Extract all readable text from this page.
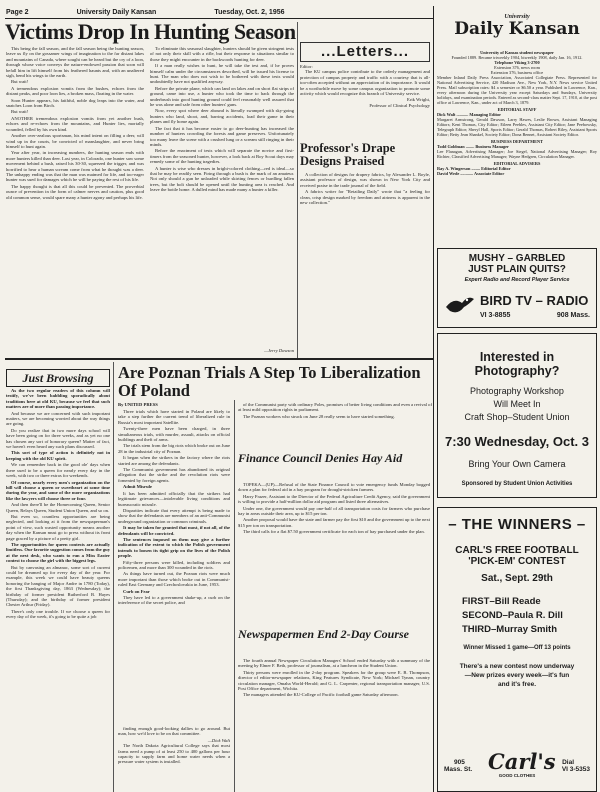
Page 2	University Daily Kansan	Tuesday, Oct. 2, 1956
Victims Drop In Hunting Season

This being the fall season, and the fall season being the hunting season, leave us fly on the gossamer wings of imagination to the far distant lakes and mountains of Canada, where sought can be heard but the cry of a loon, through whose voice conveys the nature-endowed passion that soon will befall him in lift himself from his feathered haunts and, with an unaltered sigh, bend his wings to the earth.

But wait!

A tremendous explosion vomits from the bushes, echoes from the distant peaks, and poor loon lies, a broken mass, floating in the water.

Soon Hunter appears, his faithful, noble dog leaps into the water, and snatches Loon from Birch.

But wait!

ANOTHER tremendous explosion vomits from yet another bush, echoes and re-echoes from the mountains, and Hunter lies, mortally wounded, felled by his own kind.

Another over-zealous sportsman, his mind intent on filling a deer, will wind up in the courts, be convicted of manslaughter, and never bring himself to hunt again.

Year after year, in increasing numbers, the hunting season ends with more hunters killed than deer. Last year, in Colorado, one hunter saw some movement behind a bush, raised his 30-30, squeezed the trigger, and was horrified to hear a human scream come from what he thought was a deer. The unhappy ending was that the man was maimed for life, and too-eager hunter was sued for damages which he will be paying the rest of his life.

The happy thought is that all this could be prevented. The proverbial ounce of prevention in the form of calmer nerves and caution, plus good old common sense, would spare many a hunter agony and perhaps his life.

To eliminate this seasonal slaughter, hunters should be given stringent tests of not only their skill with a rifle, but their response to situations similar to those they might encounter in the backwoods hunting for deer.

If a man really wishes to hunt, he will take the test and, if he proves himself calm under the circumstances described, will be issued his license to hunt. The man who does not wish to be bothered with these tests would undoubtedly have not qualified anyway.

Before the private plane, which can land on lakes and on short flat strips of ground, came into use, a hunter who took the time to hack through the underbrush into good hunting ground could feel reasonably well assured that he was alone and safe from other hunters' guns.

Now, every spot where deer abound is literally swamped with sky-going hunters who land, shoot, and, barring accidents, load their game in their planes and fly home again.

The fact that it has become easier to go deer-hunting has increased the number of hunters crowding the forests and game preserves. Unfortunately too many leave the scene with a crushed lung or a scream still ringing in their minds.

Before the enactment of tests which will separate the novice and first-timers from the seasoned hunter, however, a look back at Boy Scout days may remedy some of the hunting tragedies.

A hunter is wise who dresses in bright-colored clothing—red is ideal—so that he may be readily seen. Firing through a bush is the mark of an amateur. Not only should a gun be unloaded while skirting fences or hurdling fallen trees, but the bolt should be opened until the hunting area is reached. And leave the bottle home. A dulled mind has made many a hunter a killer.

—Jerry Dawson
...Letters...
Editor:

The KU campus police contribute to the orderly management and protection of campus property and traffic with a courtesy that is all-too-often accepted without an appreciation of its importance. It would be a worthwhile move by some campus organization to promote some activity which would recognize this branch of University service.

Erik Wright,
Professor of Clinical Psychology
Professor's Drape Designs Praised

A collection of designs for drapery fabrics, by Alexander L. Boyle, assistant professor of design, was shown in New York City and received praise in the trade journal of the field.

A fabrics writer for "Retailing Daily" wrote that "a feeling for clean, crisp design marked by freedom and airiness is apparent in the new collection."

University
Daily Kansan
University of Kansas student newspaper
Founded 1889. Became triweekly 1904, biweekly 1908, daily Jan. 16, 1912.
Telephone Viking 3-2700
Extension 376, news room
Extension 376, business office
Member Inland Daily Press Association, Associated Collegiate Press. Represented for National Advertising Service, 420 Madison Ave., New York, N.Y. News service United Press. Mail subscription rates: $4 a semester or $6.50 a year. Published in Lawrence, Kan., every afternoon during the University year except Saturdays and Sundays, University holidays, and examination periods. Entered as second-class matter Sept. 17, 1910, at the post office at Lawrence, Kan., under act of March 3, 1879.
EDITORIAL STAFF
Dick Walt ........... Managing Editor
Margaret Armstrong, Gerald Dawson, Larry Hawes, Leslie Brown, Assistant Managing Editors; Kent Thomas, City Editor; Eileen Peebles, Assistant City Editor; Jane Peebowsky, Telegraph Editor; Sheryl Hall, Sports Editor; Gerald Thomas, Robert Riley, Assistant Sports Editor; Betty Jean Shankel, Society Editor; Dona Bennet, Assistant Society Editor.
BUSINESS DEPARTMENT
Todd Goldman ........ Business Manager
Lee Flanagan, Advertising Manager; Joe Siegel, National Advertising Manager; Roy Richter, Classified Advertising Manager; Wayne Hedgren, Circulation Manager.
EDITORIAL ADVISERS
Ray A. Wingerson ........ Editorial Editor
David Wede ............ Associate Editor
MUSHY – GARBLED
JUST PLAIN QUITS?
Expert Radio and Record Player Service
BIRD TV – RADIO
VI 3-8855	908 Mass.
Interested in Photography?
Photography Workshop
Will Meet In
Craft Shop–Student Union
7:30 Wednesday, Oct. 3
Bring Your Own Camera
Sponsored by Student Union Activities
– THE WINNERS –
CARL'S FREE FOOTBALL
'PICK-EM' CONTEST
Sat., Sept. 29th
FIRST–Bill Reade
SECOND–Paula R. Dill
THIRD–Murray Smith
Winner Missed 1 game—Off 13 points
There's a new contest now underway
—New prizes every week—it's fun
and it's free.
905
Mass. St. Carl's
GOOD CLOTHES
Dial
VI 3-5353
Just Browsing

As the two regular readers of this column will testify, we've been babbling sporadically about traditions here at old KU, because we feel that such matters are of more than passing importance.

And because we are concerned with such important matters, we are becoming worried about the way things are going.

Do you realize that in two more days school will have been going on for three weeks, and as yet no one has chosen any sort of honorary queen? Matter of fact, we haven't even heard any such plans discussed.

This sort of type of action is definitely not in keeping with the old KU spirit.

We can remember back in the good ole' days when there used to be a queen for nearly every day in the week, with two or three extras for weekends.

Of course, nearly every men's organization on the hill will choose a queen or sweetheart at some time during the year, and some of the more organizations like the lawyers will choose three or four.

And then there'll be the Homecoming Queen, Senior Queen, Relays Queen, Student Union Queen, and so on.

But even so, countless opportunities are being neglected, and looking at it from the newspaperman's point of view, such wasted opportunity means another day when the Kansan must go to press without its front page graced by a picture of a pretty girl.

The opportunities for queen contests are actually limitless. Our favorite suggestion comes from the guy at the next desk, who wants to run a Miss Easter contest to choose the girl with the biggest legs.

But by canvasing an almanac, some sort of current could be dreamed up for every day of the year. For example, this week we could have beauty queens honoring the hanging of Major Andre in 1780 (Today), the first Thanksgiving day, 1863 (Wednesday); the birthday of former president Rutherford B. Hayes (Thursday); and the birthday of former president Chester Arthur (Friday).

There's only one trouble. If we choose a queen for every day of the week, it's going to be quite a job

Are Poznan Trials A Step To Liberalization Of Poland
By UNITED PRESS

Three trials which have started in Poland are likely to take a step further the current trend of liberalized rule in Russia's most important Satellite.

Twenty-three men have been charged, in three simultaneous trials, with murder, assault, attacks on official buildings and theft of arms.

The trials stem from the big riots which broke out on June 28 in the industrial city of Poznan.

It began when the strikers in the factory where the riots started are among the defendants.

The Communist government has abandoned its original allegation that the strike and the revolution riots were fomented by foreign agents.

Admit Misrule

It has been admitted officially that the strikers had legitimate grievances—intolerable living conditions and bureaucratic misrule.

Disparities indicate that every attempt is being made to show that the defendants are members of an anti-Communist underground organization or common criminals.

It may be taken for granted that most, if not all, of the defendants will be convicted.

The sentences imposed on them may give a further indication of the extent to which the Polish government intends to loosen its tight grip on the lives of the Polish people.

Fifty-three persons were killed, including soldiers and policemen, and more than 300 wounded in the riots.

As things have turned out, the Poznan riots were much more important than those which broke out in Communist-ruled East Germany and Czechoslovakia in June, 1953.

Curb on Fear

They have led to a government shake-up, a curb on the interference of the secret police, and

of the Communist party with ordinary Poles, promises of better living conditions and even a revival of at least mild opposition rights in parliament.

The Poznan workers who struck on June 28 really seem to have started something.

finding enough good-looking dallies to go around. But man, how we'd love to be on that committee.

—Dick Walt

The North Dakota Agricultural College says that most farms need a pump of at least 250 to 400 gallons per hour capacity to supply farm and home water needs when a pressure water system is installed.

Finance Council Denies Hay Aid

TOPEKA—(UP)—Refusal of the State Finance Council to vote emergency funds Monday bogged down a plan for federal aid in a hay program for drought-stricken farmers.

Harry Frazer, Assistant to the Director of the Federal Agriculture Credit Agency, said the government is willing to provide a half-million dollar aid program and listed three alternatives.

Under one, the government would pay one-half of all transportation costs for farmers who purchase hay in areas outside their area, up to $15 per ton.

Another proposal would have the state and farmer pay the first $10 and the government up to the next $15 per ton on transportation.

The third calls for a flat $7.50 government certificate for each ton of hay purchased under the plan.

Newspapermen End 2-Day Course

The fourth annual Newspaper Circulation Managers' School ended Saturday with a summary of the meeting by Elmer F. Beth, professor of journalism, at a luncheon in the Student Union.

Thirty persons were enrolled in the 2-day program. Speakers for the group were E. B. Thompson, director of editor-newspaper relations, King Features Syndicate, New York; Michael Tynan, country circulation manager, Omaha World-Herald; and G. L. Carpenter, regional transportation manager, U.S. Post Office department, Wichita.

The managers attended the KU-College of Pacific football game Saturday afternoon.
